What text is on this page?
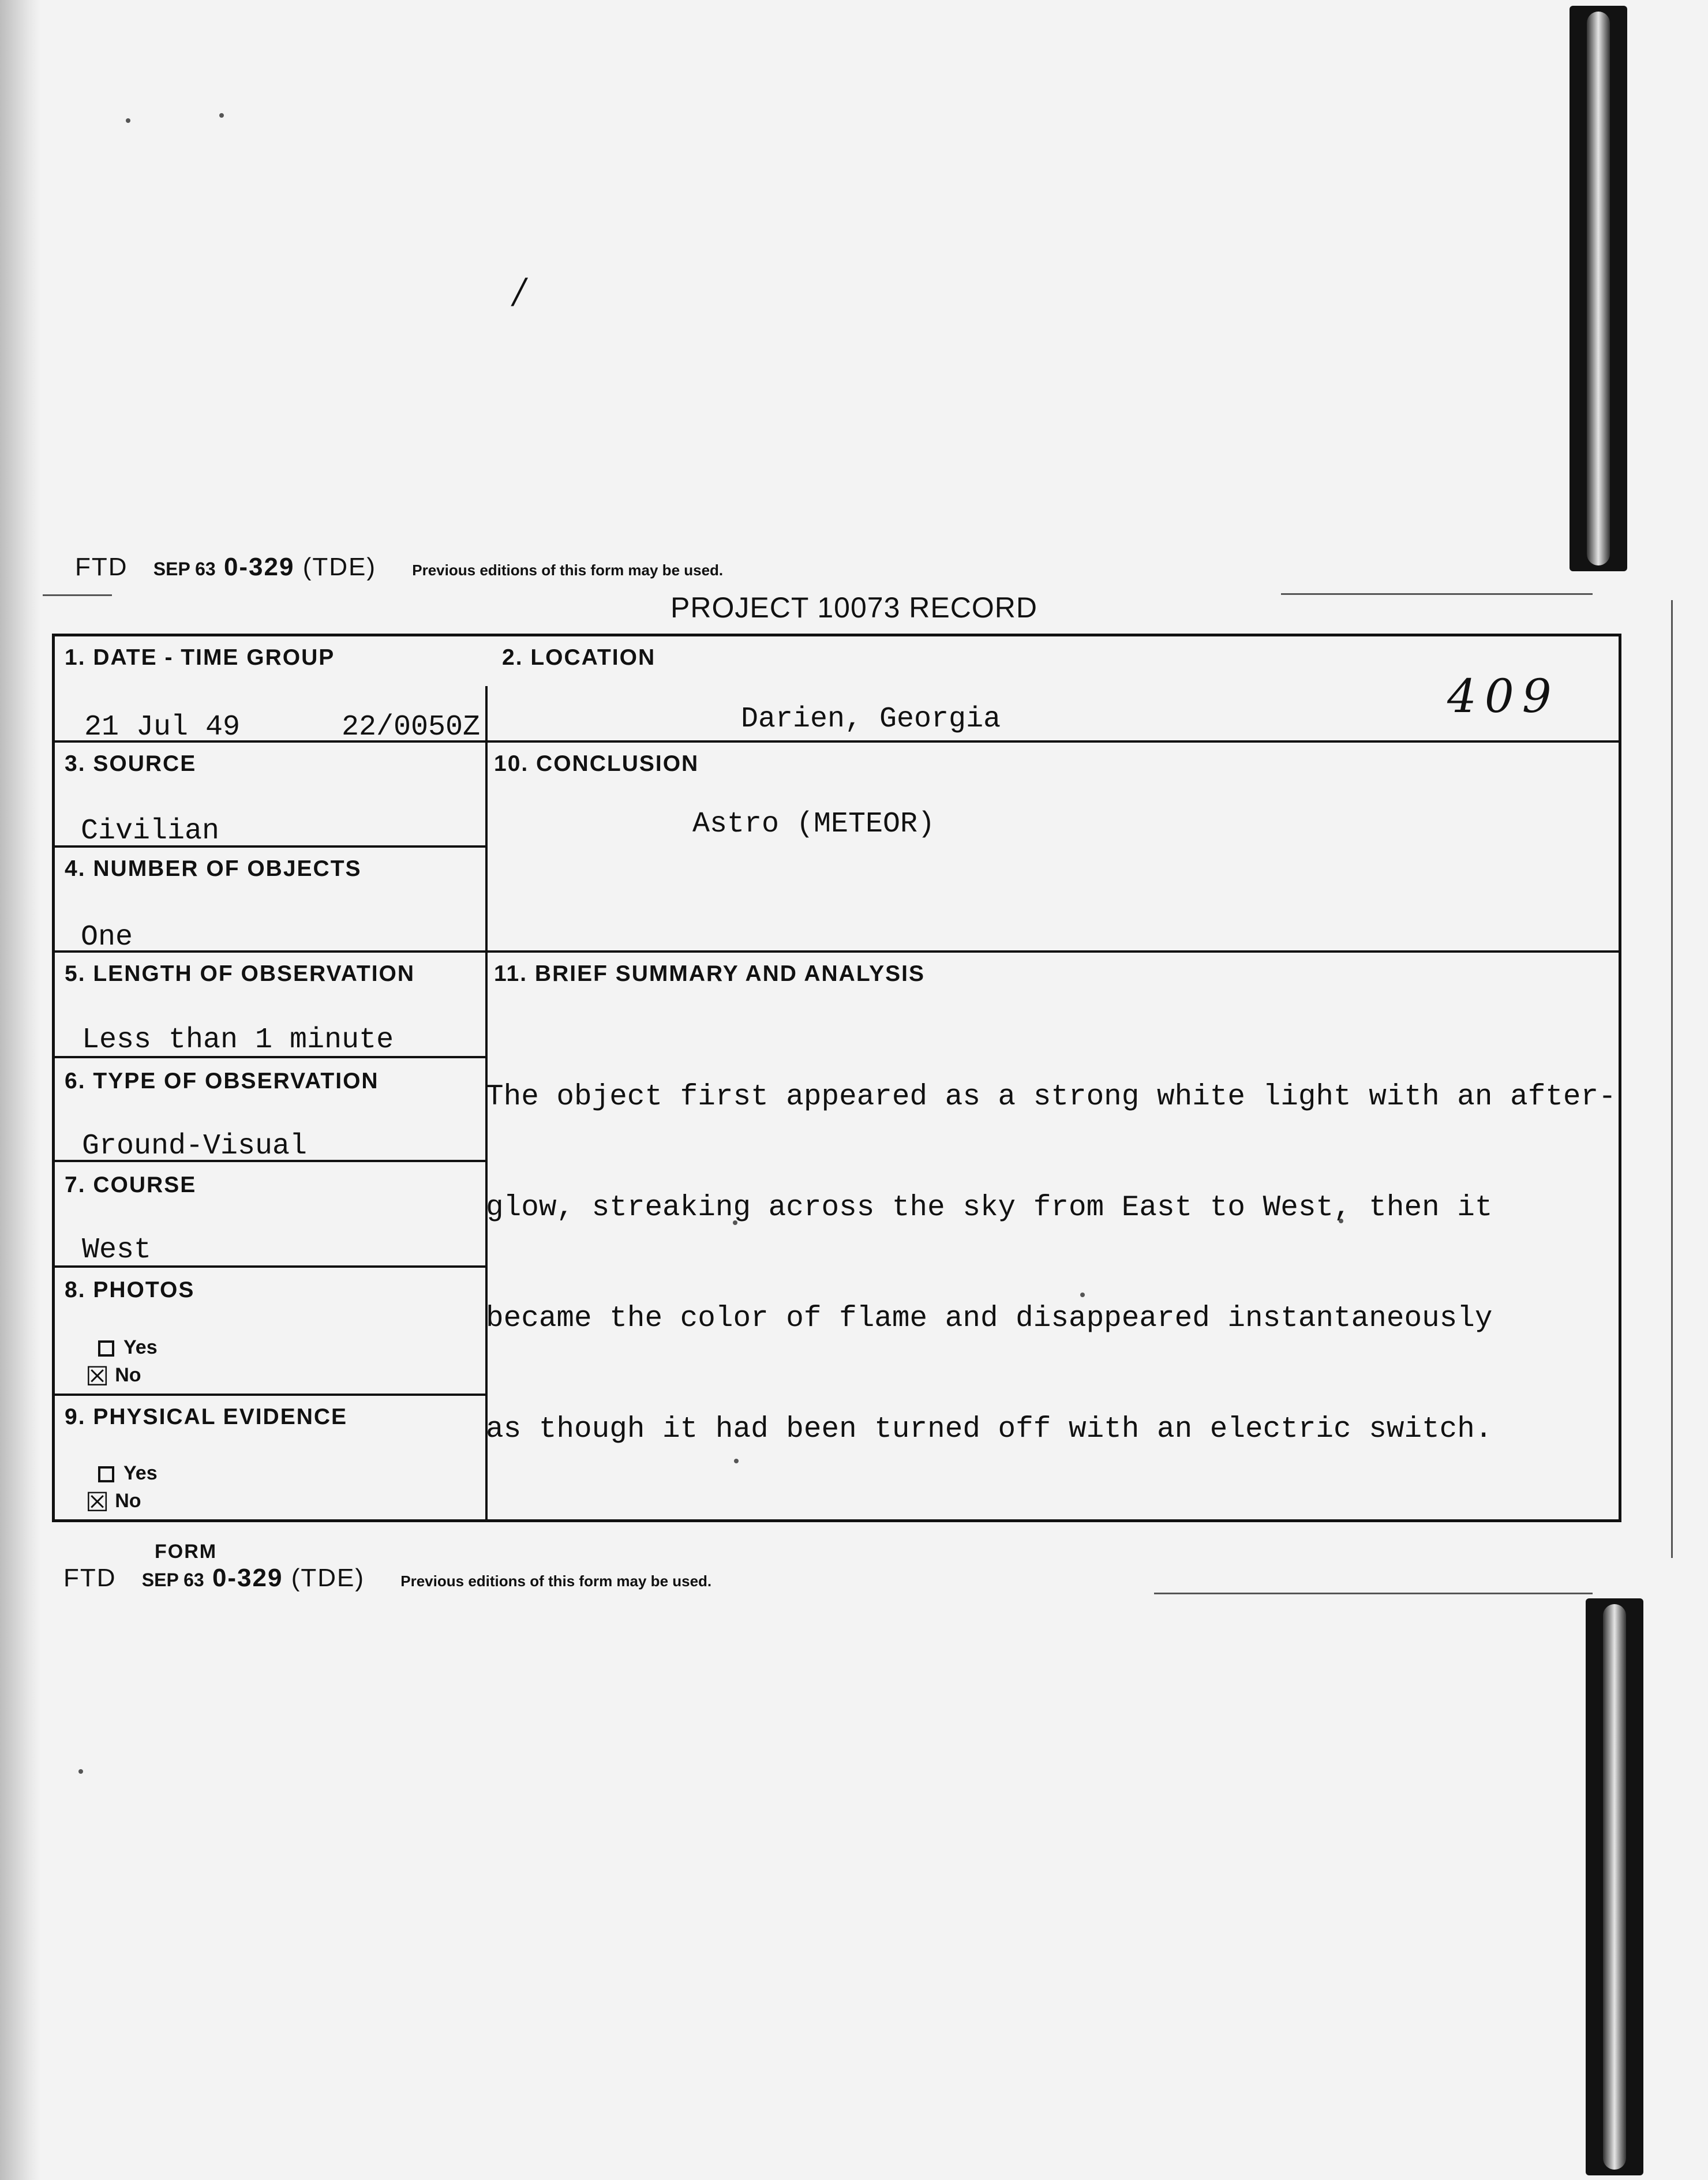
/
FTD SEP 63 0-329 (TDE) Previous editions of this form may be used.
PROJECT 10073 RECORD
409
1. DATE - TIME GROUP
21 Jul 49	22/0050Z
2. LOCATION
Darien, Georgia
3. SOURCE
Civilian
10. CONCLUSION
Astro (METEOR)
4. NUMBER OF OBJECTS
One
5. LENGTH OF OBSERVATION
Less than 1 minute
11. BRIEF SUMMARY AND ANALYSIS

The object first appeared as a strong white light with an after-

glow, streaking across the sky from East to West, then it

became the color of flame and disappeared instantaneously

as though it had been turned off with an electric switch.

6. TYPE OF OBSERVATION
Ground-Visual
7. COURSE
West
8. PHOTOS
Yes
☒ No
9. PHYSICAL EVIDENCE
Yes
☒ No
FORM
FTD SEP 63 0-329 (TDE) Previous editions of this form may be used.
